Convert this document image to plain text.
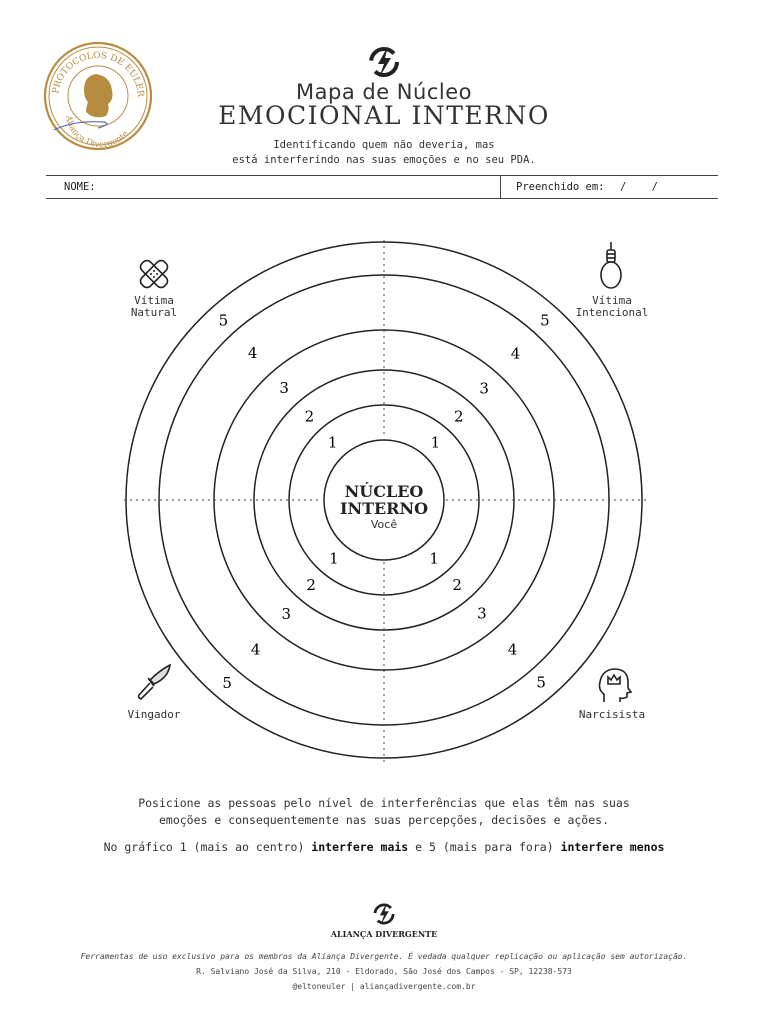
PROTOCOLOS DE EULER
Aliança Divergente
Mapa de Núcleo
EMOCIONAL INTERNO
Identificando quem não deveria, mas
está interferindo nas suas emoções e no seu PDA.
NOME:	Preenchido em: /    /
1
2
3
4
5
1
2
3
4
5
1
2
3
4
5
1
2
3
4
5
NÚCLEO
INTERNO
Você
Vítima
Natural
Vítima
Intencional
Vingador	Narcisista
Posicione as pessoas pelo nível de interferências que elas têm nas suas
emoções e consequentemente nas suas percepções, decisões e ações.
No gráfico 1 (mais ao centro) interfere mais e 5 (mais para fora) interfere menos
ALIANÇA DIVERGENTE
Ferramentas de uso exclusivo para os membros da Aliança Divergente. É vedada qualquer replicação ou aplicação sem autorização.
R. Salviano José da Silva, 210 - Eldorado, São José dos Campos - SP, 12238-573
@eltoneuler | aliançadivergente.com.br
